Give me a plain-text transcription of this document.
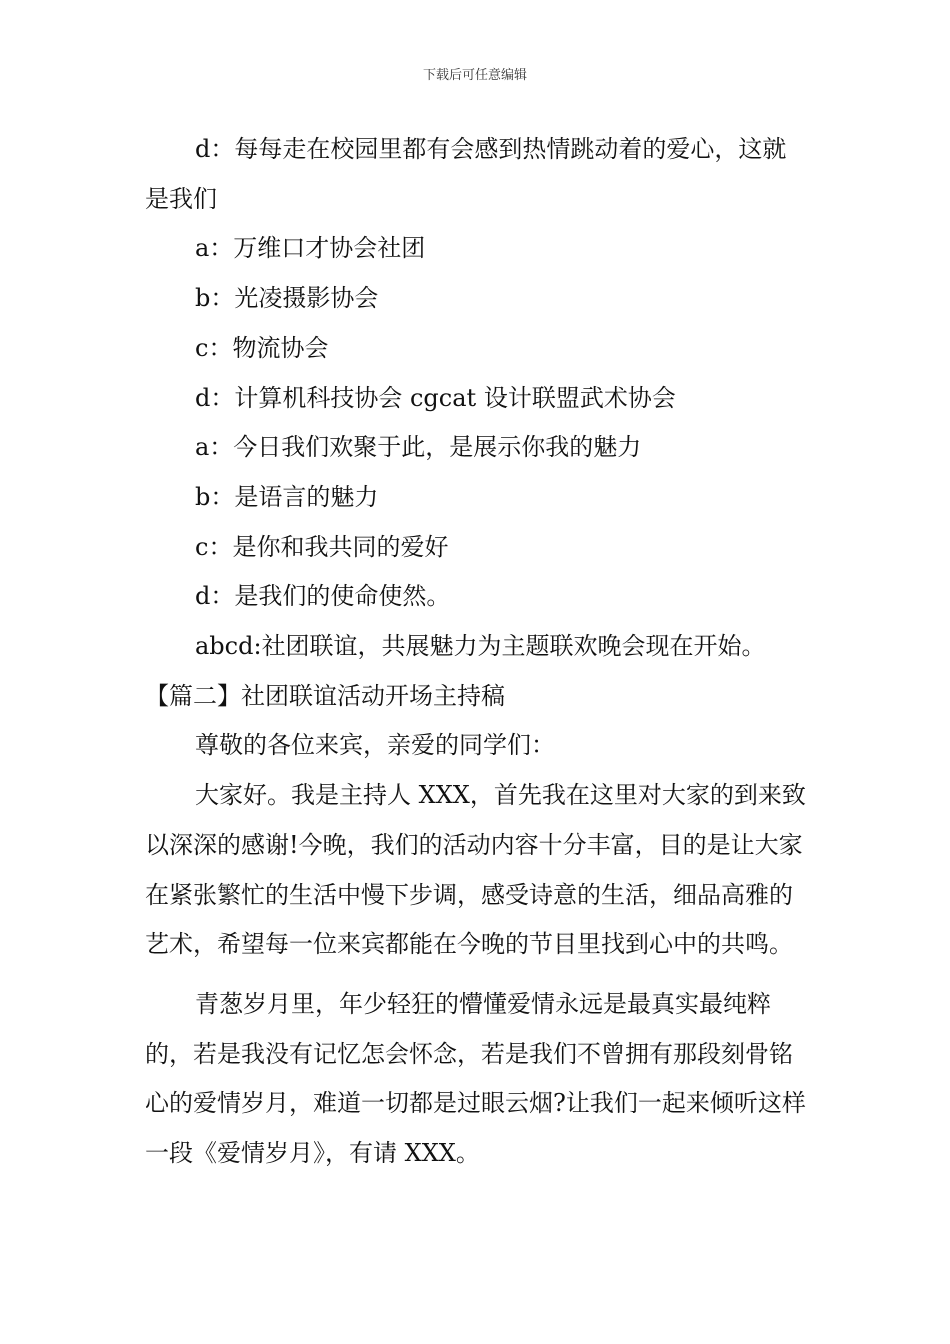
下载后可任意编辑

d：每每走在校园里都有会感到热情跳动着的爱心，这就是我们

a：万维口才协会社团

b：光凌摄影协会

c：物流协会

d：计算机科技协会 cgcat 设计联盟武术协会

a：今日我们欢聚于此，是展示你我的魅力

b：是语言的魅力

c：是你和我共同的爱好

d：是我们的使命使然。

abcd:社团联谊，共展魅力为主题联欢晚会现在开始。

【篇二】社团联谊活动开场主持稿

尊敬的各位来宾，亲爱的同学们：

大家好。我是主持人 XXX，首先我在这里对大家的到来致以深深的感谢!今晚，我们的活动内容十分丰富，目的是让大家在紧张繁忙的生活中慢下步调，感受诗意的生活，细品高雅的艺术，希望每一位来宾都能在今晚的节目里找到心中的共鸣。

青葱岁月里，年少轻狂的懵懂爱情永远是最真实最纯粹的，若是我没有记忆怎会怀念，若是我们不曾拥有那段刻骨铭心的爱情岁月，难道一切都是过眼云烟?让我们一起来倾听这样一段《爱情岁月》，有请 XXX。
